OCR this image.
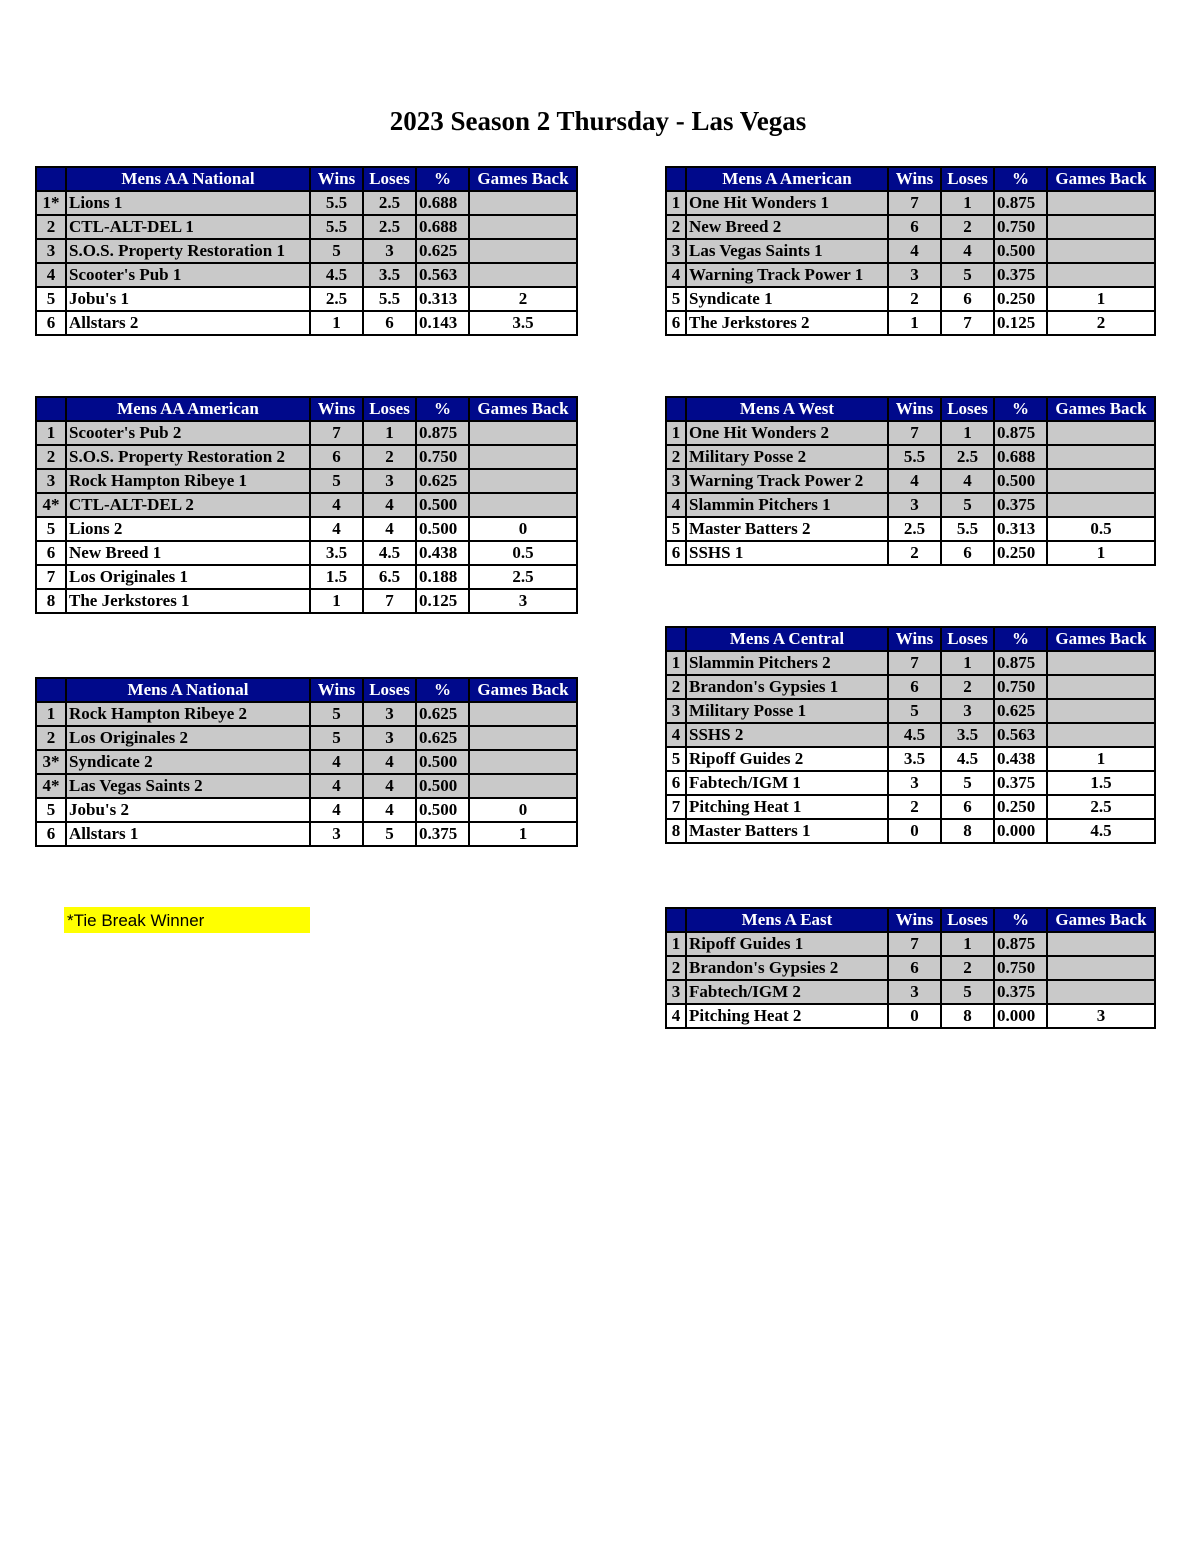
2023 Season 2 Thursday - Las Vegas
	Mens AA National	Wins	Loses	%	Games Back
1*	Lions 1	5.5	2.5	0.688	
2	CTL-ALT-DEL 1	5.5	2.5	0.688	
3	S.O.S. Property Restoration 1	5	3	0.625	
4	Scooter's Pub 1	4.5	3.5	0.563	
5	Jobu's 1	2.5	5.5	0.313	2
6	Allstars 2	1	6	0.143	3.5
	Mens AA American	Wins	Loses	%	Games Back
1	Scooter's Pub 2	7	1	0.875	
2	S.O.S. Property Restoration 2	6	2	0.750	
3	Rock Hampton Ribeye 1	5	3	0.625	
4*	CTL-ALT-DEL 2	4	4	0.500	
5	Lions 2	4	4	0.500	0
6	New Breed 1	3.5	4.5	0.438	0.5
7	Los Originales 1	1.5	6.5	0.188	2.5
8	The Jerkstores 1	1	7	0.125	3
	Mens A National	Wins	Loses	%	Games Back
1	Rock Hampton Ribeye 2	5	3	0.625	
2	Los Originales 2	5	3	0.625	
3*	Syndicate 2	4	4	0.500	
4*	Las Vegas Saints 2	4	4	0.500	
5	Jobu's 2	4	4	0.500	0
6	Allstars 1	3	5	0.375	1
	Mens A American	Wins	Loses	%	Games Back
1	One Hit Wonders 1	7	1	0.875	
2	New Breed 2	6	2	0.750	
3	Las Vegas Saints 1	4	4	0.500	
4	Warning Track Power 1	3	5	0.375	
5	Syndicate 1	2	6	0.250	1
6	The Jerkstores 2	1	7	0.125	2
	Mens A West	Wins	Loses	%	Games Back
1	One Hit Wonders 2	7	1	0.875	
2	Military Posse 2	5.5	2.5	0.688	
3	Warning Track Power 2	4	4	0.500	
4	Slammin Pitchers 1	3	5	0.375	
5	Master Batters 2	2.5	5.5	0.313	0.5
6	SSHS 1	2	6	0.250	1
	Mens A Central	Wins	Loses	%	Games Back
1	Slammin Pitchers 2	7	1	0.875	
2	Brandon's Gypsies 1	6	2	0.750	
3	Military Posse 1	5	3	0.625	
4	SSHS 2	4.5	3.5	0.563	
5	Ripoff Guides 2	3.5	4.5	0.438	1
6	Fabtech/IGM 1	3	5	0.375	1.5
7	Pitching Heat 1	2	6	0.250	2.5
8	Master Batters 1	0	8	0.000	4.5
	Mens A East	Wins	Loses	%	Games Back
1	Ripoff Guides 1	7	1	0.875	
2	Brandon's Gypsies 2	6	2	0.750	
3	Fabtech/IGM 2	3	5	0.375	
4	Pitching Heat 2	0	8	0.000	3
*Tie Break Winner
